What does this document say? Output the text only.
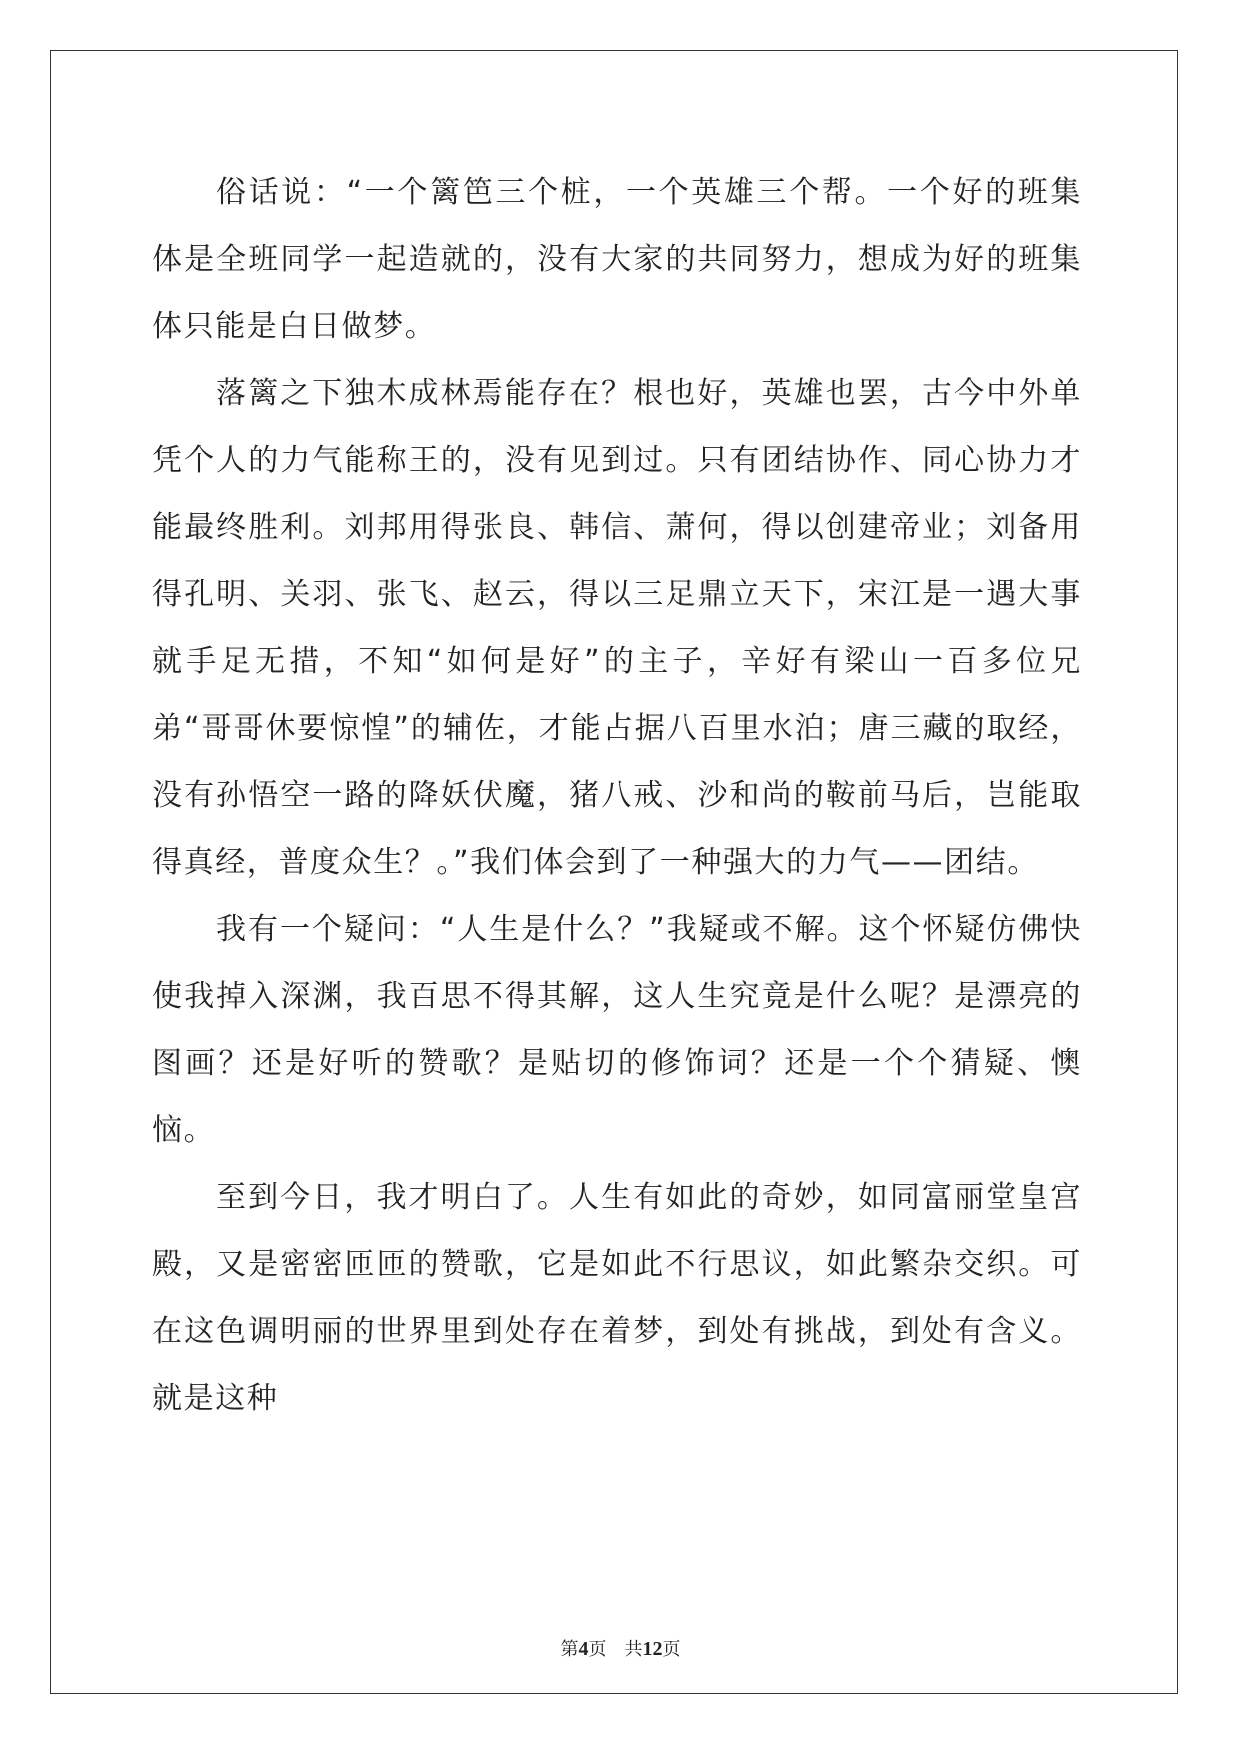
俗话说：“一个篱笆三个桩，一个英雄三个帮。一个好的班集体是全班同学一起造就的，没有大家的共同努力，想成为好的班集体只能是白日做梦。

落篱之下独木成林焉能存在？根也好，英雄也罢，古今中外单凭个人的力气能称王的，没有见到过。只有团结协作、同心协力才能最终胜利。刘邦用得张良、韩信、萧何，得以创建帝业；刘备用得孔明、关羽、张飞、赵云，得以三足鼎立天下，宋江是一遇大事就手足无措，不知“如何是好”的主子，辛好有梁山一百多位兄弟“哥哥休要惊惶”的辅佐，才能占据八百里水泊；唐三藏的取经，没有孙悟空一路的降妖伏魔，猪八戒、沙和尚的鞍前马后，岂能取得真经，普度众生？。”我们体会到了一种强大的力气——团结。

我有一个疑问：“人生是什么？”我疑或不解。这个怀疑仿佛快使我掉入深渊，我百思不得其解，这人生究竟是什么呢？是漂亮的图画？还是好听的赞歌？是贴切的修饰词？还是一个个猜疑、懊恼。

至到今日，我才明白了。人生有如此的奇妙，如同富丽堂皇宫殿，又是密密匝匝的赞歌，它是如此不行思议，如此繁杂交织。可在这色调明丽的世界里到处存在着梦，到处有挑战，到处有含义。就是这种

第4页 共12页
